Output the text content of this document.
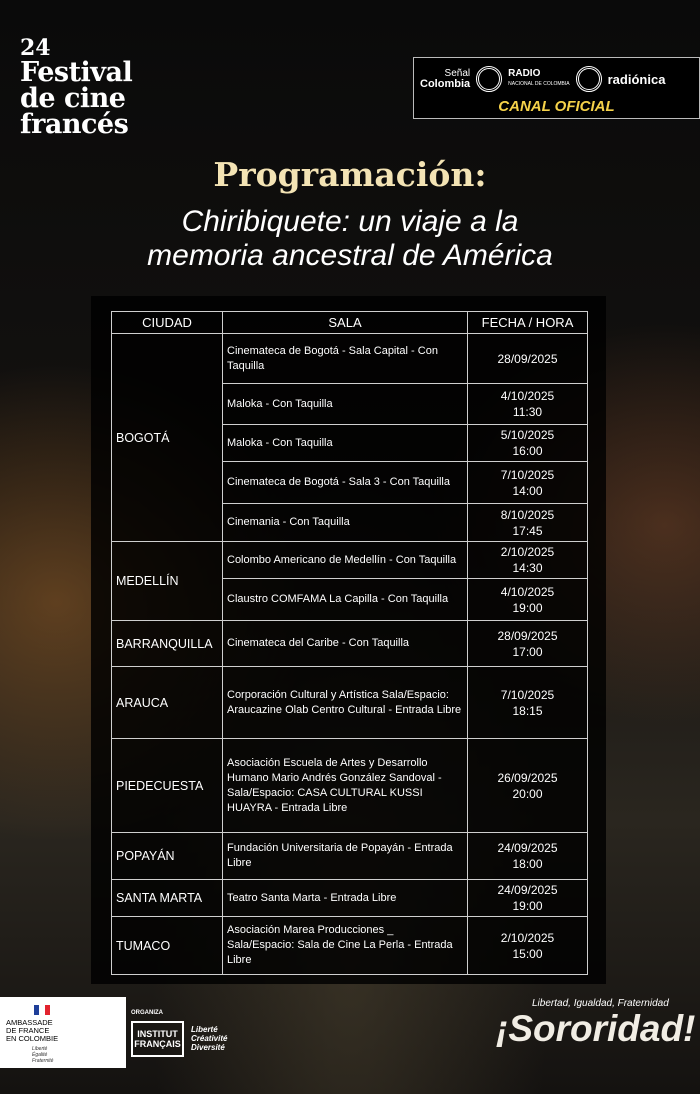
24
Festival
de cine
francés
Señal
Colombia
RADIO
NACIONAL DE COLOMBIA	radiónica
CANAL OFICIAL
Programación:
Chiribiquete: un viaje a la
memoria ancestral de América
CIUDAD	SALA	FECHA / HORA
BOGOTÁ	Cinemateca de Bogotá - Sala Capital - Con Taquilla	28/09/2025

	Maloka - Con Taquilla	4/10/2025
11:30

	Maloka - Con Taquilla	5/10/2025
16:00

	Cinemateca de Bogotá - Sala 3 - Con Taquilla	7/10/2025
14:00

	Cinemania - Con Taquilla	8/10/2025
17:45

MEDELLÍN	Colombo Americano de Medellín - Con Taquilla	2/10/2025
14:30

	Claustro COMFAMA La Capilla - Con Taquilla	4/10/2025
19:00

BARRANQUILLA	Cinemateca del Caribe - Con Taquilla	28/09/2025
17:00

ARAUCA	Corporación Cultural y Artística Sala/Espacio: Araucazine Olab Centro Cultural - Entrada Libre	7/10/2025
18:15

PIEDECUESTA	Asociación Escuela de Artes y Desarrollo Humano Mario Andrés González Sandoval - Sala/Espacio: CASA CULTURAL KUSSI HUAYRA - Entrada Libre	26/09/2025
20:00

POPAYÁN	Fundación Universitaria de Popayán - Entrada Libre	24/09/2025
18:00

SANTA MARTA	Teatro Santa Marta - Entrada Libre	24/09/2025
19:00

TUMACO	Asociación Marea Producciones _ Sala/Espacio: Sala de Cine La Perla - Entrada Libre	2/10/2025
15:00
AMBASSADE
DE FRANCE
EN COLOMBIE
Liberté
Égalité
Fraternité
ORGANIZA
INSTITUT
FRANÇAIS
Liberté
Créativité
Diversité
Libertad, Igualdad, Fraternidad
¡Sororidad!
